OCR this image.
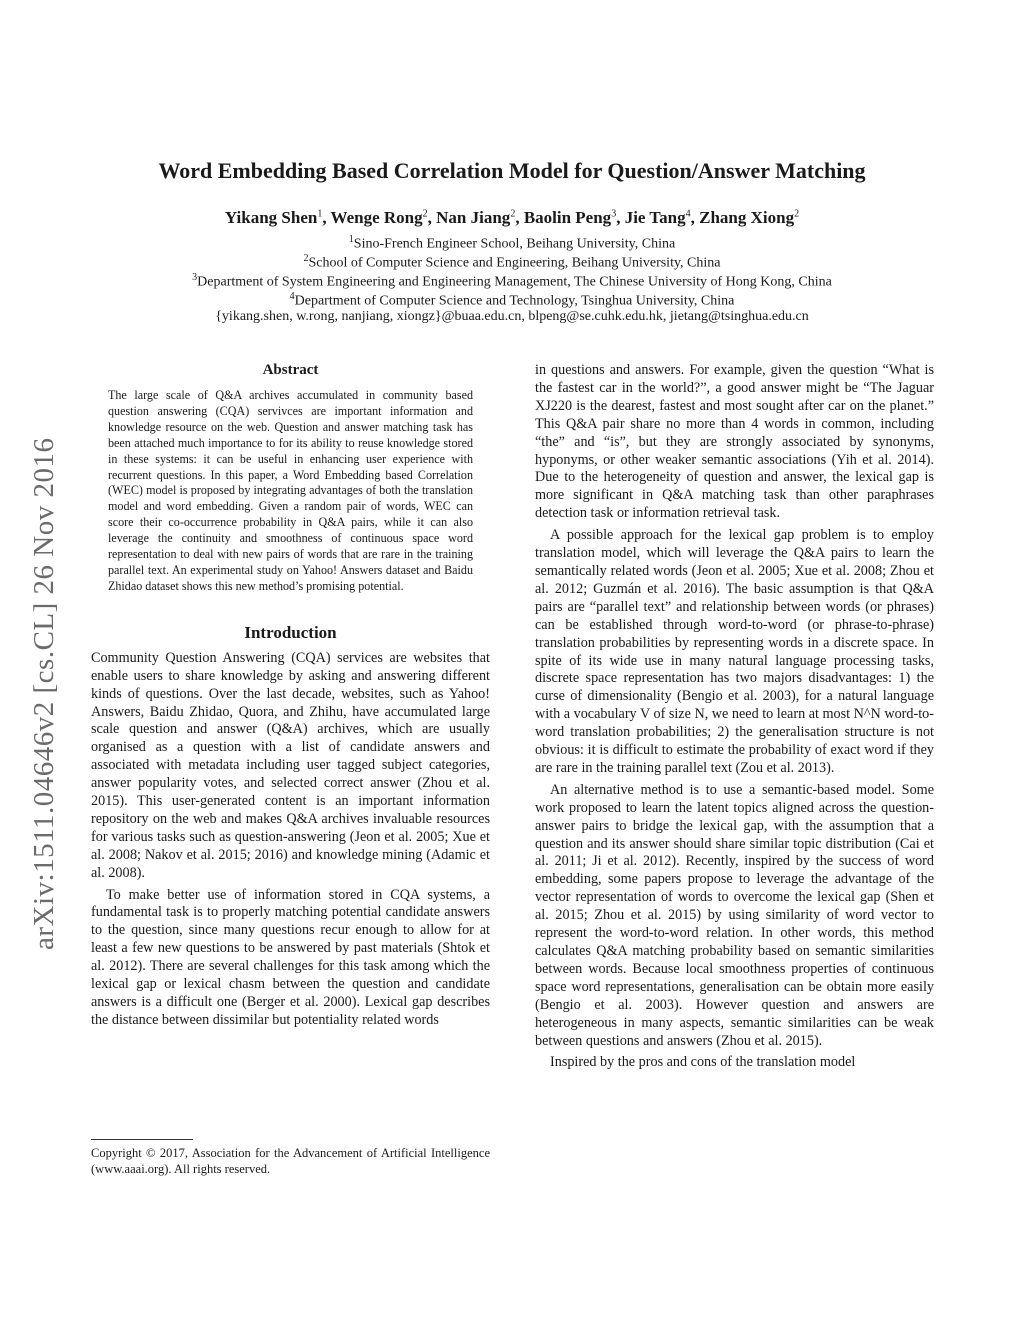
arXiv:1511.04646v2 [cs.CL] 26 Nov 2016
Word Embedding Based Correlation Model for Question/Answer Matching
Yikang Shen$^1$, Wenge Rong$^2$, Nan Jiang$^2$, Baolin Peng$^3$, Jie Tang$^4$, Zhang Xiong$^2$
$^1$Sino-French Engineer School, Beihang University, China
$^2$School of Computer Science and Engineering, Beihang University, China
$^3$Department of System Engineering and Engineering Management, The Chinese University of Hong Kong, China
$^4$Department of Computer Science and Technology, Tsinghua University, China
{yikang.shen, w.rong, nanjiang, xiongz}@buaa.edu.cn, blpeng@se.cuhk.edu.hk, jietang@tsinghua.edu.cn
Abstract
The large scale of Q&A archives accumulated in community based question answering (CQA) servivces are important information and knowledge resource on the web. Question and answer matching task has been attached much importance to for its ability to reuse knowledge stored in these systems: it can be useful in enhancing user experience with recurrent questions. In this paper, a Word Embedding based Correlation (WEC) model is proposed by integrating advantages of both the translation model and word embedding. Given a random pair of words, WEC can score their co-occurrence probability in Q&A pairs, while it can also leverage the continuity and smoothness of continuous space word representation to deal with new pairs of words that are rare in the training parallel text. An experimental study on Yahoo! Answers dataset and Baidu Zhidao dataset shows this new method’s promising potential.
Introduction

Community Question Answering (CQA) services are websites that enable users to share knowledge by asking and answering different kinds of questions. Over the last decade, websites, such as Yahoo! Answers, Baidu Zhidao, Quora, and Zhihu, have accumulated large scale question and answer (Q&A) archives, which are usually organised as a question with a list of candidate answers and associated with metadata including user tagged subject categories, answer popularity votes, and selected correct answer (Zhou et al. 2015). This user-generated content is an important information repository on the web and makes Q&A archives invaluable resources for various tasks such as question-answering (Jeon et al. 2005; Xue et al. 2008; Nakov et al. 2015; 2016) and knowledge mining (Adamic et al. 2008).

To make better use of information stored in CQA systems, a fundamental task is to properly matching potential candidate answers to the question, since many questions recur enough to allow for at least a few new questions to be answered by past materials (Shtok et al. 2012). There are several challenges for this task among which the lexical gap or lexical chasm between the question and candidate answers is a difficult one (Berger et al. 2000). Lexical gap describes the distance between dissimilar but potentiality related words

in questions and answers. For example, given the question “What is the fastest car in the world?”, a good answer might be “The Jaguar XJ220 is the dearest, fastest and most sought after car on the planet.” This Q&A pair share no more than 4 words in common, including “the” and “is”, but they are strongly associated by synonyms, hyponyms, or other weaker semantic associations (Yih et al. 2014). Due to the heterogeneity of question and answer, the lexical gap is more significant in Q&A matching task than other paraphrases detection task or information retrieval task.

A possible approach for the lexical gap problem is to employ translation model, which will leverage the Q&A pairs to learn the semantically related words (Jeon et al. 2005; Xue et al. 2008; Zhou et al. 2012; Guzmán et al. 2016). The basic assumption is that Q&A pairs are “parallel text” and relationship between words (or phrases) can be established through word-to-word (or phrase-to-phrase) translation probabilities by representing words in a discrete space. In spite of its wide use in many natural language processing tasks, discrete space representation has two majors disadvantages: 1) the curse of dimensionality (Bengio et al. 2003), for a natural language with a vocabulary V of size N, we need to learn at most N^N word-to-word translation probabilities; 2) the generalisation structure is not obvious: it is difficult to estimate the probability of exact word if they are rare in the training parallel text (Zou et al. 2013).

An alternative method is to use a semantic-based model. Some work proposed to learn the latent topics aligned across the question-answer pairs to bridge the lexical gap, with the assumption that a question and its answer should share similar topic distribution (Cai et al. 2011; Ji et al. 2012). Recently, inspired by the success of word embedding, some papers propose to leverage the advantage of the vector representation of words to overcome the lexical gap (Shen et al. 2015; Zhou et al. 2015) by using similarity of word vector to represent the word-to-word relation. In other words, this method calculates Q&A matching probability based on semantic similarities between words. Because local smoothness properties of continuous space word representations, generalisation can be obtain more easily (Bengio et al. 2003). However question and answers are heterogeneous in many aspects, semantic similarities can be weak between questions and answers (Zhou et al. 2015).

Inspired by the pros and cons of the translation model

Copyright © 2017, Association for the Advancement of Artificial Intelligence (www.aaai.org). All rights reserved.
